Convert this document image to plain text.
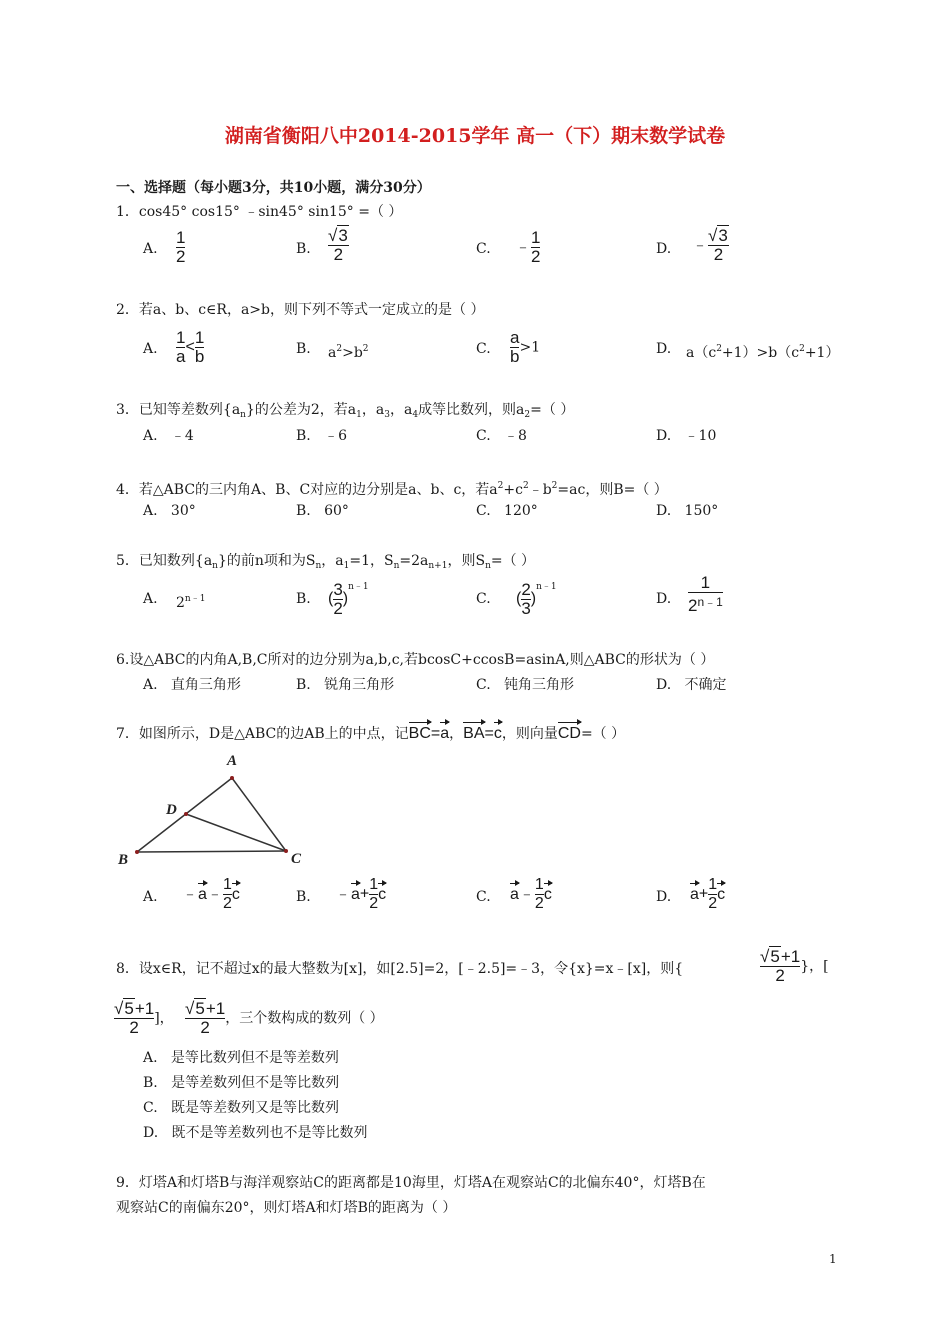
湖南省衡阳八中2014-2015学年 高一（下）期末数学试卷
一、选择题（每小题3分，共10小题，满分30分）
1．cos45° cos15° ﹣sin45° sin15° =（ ）
A. $\frac{1}{2}$	B. $\frac{√3}{2}$	C. ﹣ $\frac{1}{2}$	D. ﹣ $\frac{√3}{2}$
2．若a、b、c∈R，a>b，则下列不等式一定成立的是（ ）
A. $\frac{1}{a} < \frac{1}{b}$	B. $a^2>b^2$	C. $\frac{a}{b} >1$	D. $a(c^2+1)>b(c^2+1)$
3．已知等差数列$\{a_n\}$的公差为2，若$a_1$，$a_3$，$a_4$成等比数列，则$a_2=$（ ）
A. ﹣4	B. ﹣6	C. ﹣8	D. ﹣10
4．若△ABC的三内角A、B、C对应的边分别是a、b、c，若$a^2+c^2﹣b^2=ac$，则B=（ ）
A. 30°	B. 60°	C. 120°	D. 150°
5．已知数列$\{a_n\}$的前n项和为$S_n$，$a_1=1$，$S_n=2a_{n+1}$，则$S_n=$（ ）
A. $2^{n﹣1}$	B. ( $\frac{3}{2} )^{n﹣1}$
C. ( $\frac{2}{3} )^{n﹣1}$
D. $\frac{1}{2^{n﹣1}}$
6.设△ABC的内角A,B,C所对的边分别为a,b,c,若bcosC+ccosB=asinA,则△ABC的形状为（ ）
A. 直角三角形	B. 锐角三角形	C. 钝角三角形	D. 不确定
7．如图所示，D是△ABC的边AB上的中点，记BC=a，BA=c，则向量CD=（ ）
A
B	C
D
A. ﹣a﹣ $\frac{1}{2}$ c	B. ﹣a+ $\frac{1}{2}$ c	C. a﹣ $\frac{1}{2}$ c	D. $a+ \frac{1}{2}$ c
8．设x∈R，记不超过x的最大整数为[x]，如[2.5]=2，[﹣2.5]=﹣3，令{x}=x﹣[x]，则{	$\frac{√5+1}{2}$ }，[
$\frac{√5+1}{2}$ ]， $\frac{√5+1}{2}$ ，三个数构成的数列（ ）
A. 是等比数列但不是等差数列
B. 是等差数列但不是等比数列
C. 既是等差数列又是等比数列
D. 既不是等差数列也不是等比数列
9．灯塔A和灯塔B与海洋观察站C的距离都是10海里，灯塔A在观察站C的北偏东40°，灯塔B在
观察站C的南偏东20°，则灯塔A和灯塔B的距离为（ ）
1
